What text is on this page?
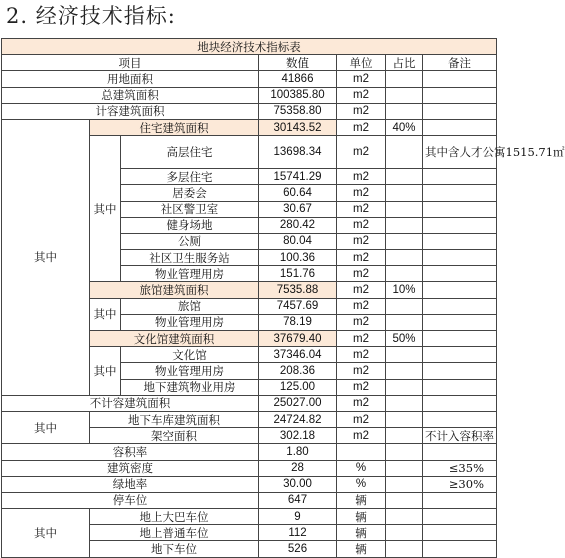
2. 经济技术指标:
地块经济技术指标表						
项目			数值	单位	占比	备注
用地面积			41866	m2		
总建筑面积			100385.80	m2		
计容建筑面积			75358.80	m2		
其中	住宅建筑面积		30143.52	m2	40%	
	其中	高层住宅	13698.34	m2		其中含人才公寓1515.71㎡
		多层住宅	15741.29	m2		
		居委会	60.64	m2		
		社区警卫室	30.67	m2		
		健身场地	280.42	m2		
		公厕	80.04	m2		
		社区卫生服务站	100.36	m2		
		物业管理用房	151.76	m2		
	旅馆建筑面积		7535.88	m2	10%	
	其中	旅馆	7457.69	m2		
		物业管理用房	78.19	m2		
	文化馆建筑面积		37679.40	m2	50%	
	其中	文化馆	37346.04	m2		
		物业管理用房	208.36	m2		
		地下建筑物业用房	125.00	m2		
不计容建筑面积			25027.00	m2		
其中	地下车库建筑面积		24724.82	m2		
	架空面积		302.18	m2		不计入容积率
容积率			1.80			
建筑密度			28	%		≤35%
绿地率			30.00	%		≥30%
停车位			647	辆		
其中	地上大巴车位		9	辆		
	地上普通车位		112	辆		
	地下车位		526	辆		
